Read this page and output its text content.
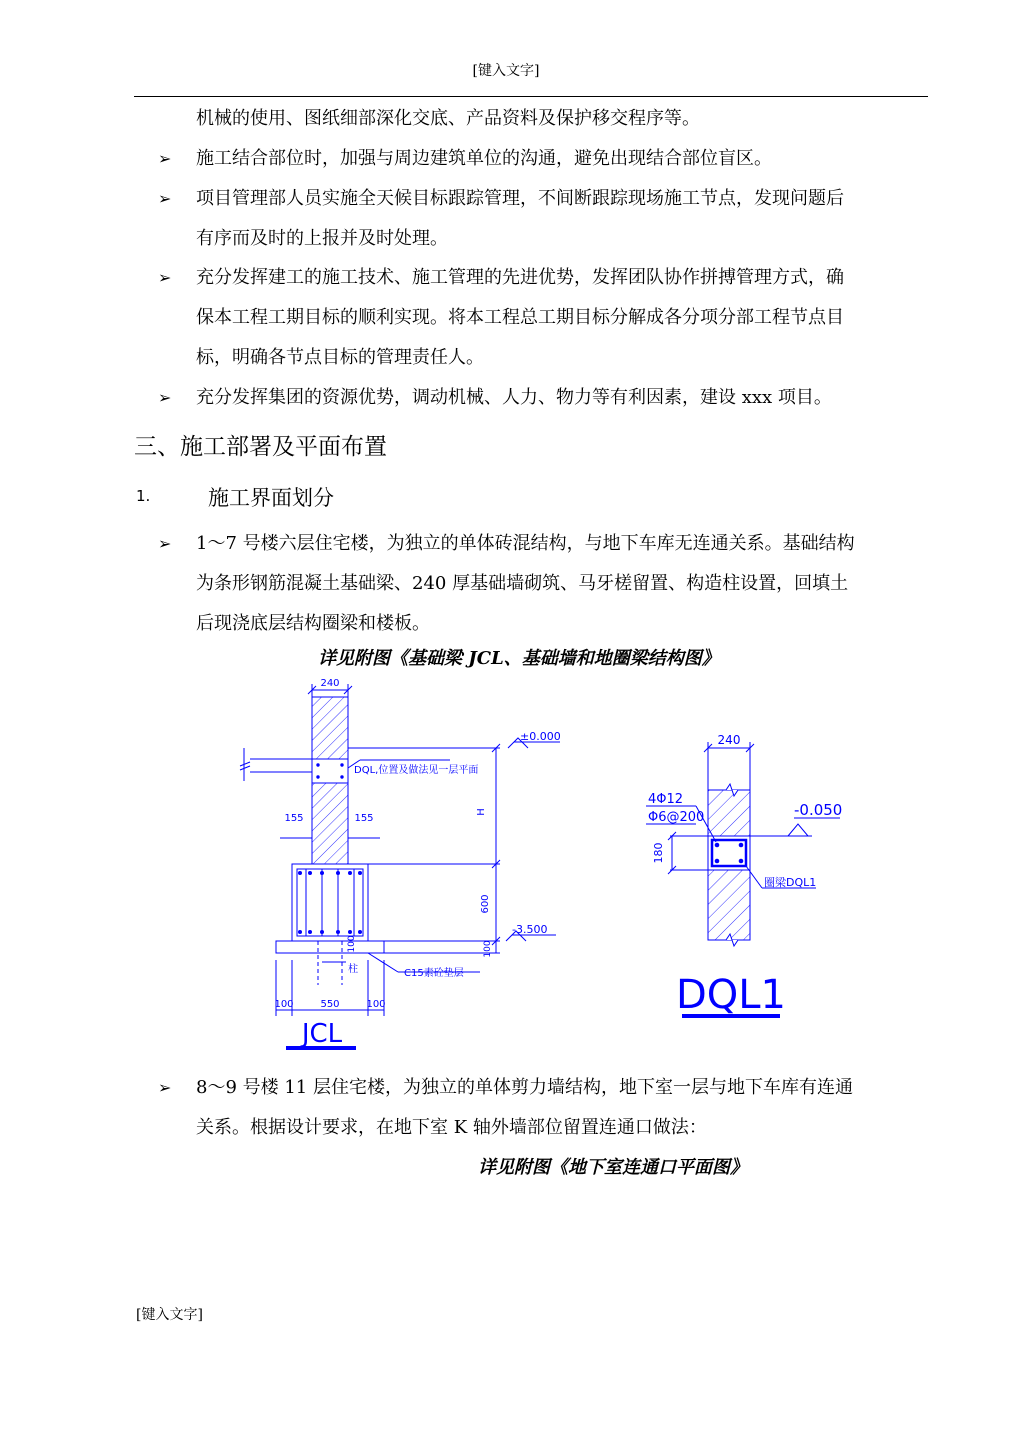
[键入文字]
机械的使用、图纸细部深化交底、产品资料及保护移交程序等。
➢ 施工结合部位时，加强与周边建筑单位的沟通，避免出现结合部位盲区。
➢ 项目管理部人员实施全天候目标跟踪管理，不间断跟踪现场施工节点，发现问题后
有序而及时的上报并及时处理。
➢ 充分发挥建工的施工技术、施工管理的先进优势，发挥团队协作拼搏管理方式，确
保本工程工期目标的顺利实现。将本工程总工期目标分解成各分项分部工程节点目
标，明确各节点目标的管理责任人。
➢ 充分发挥集团的资源优势，调动机械、人力、物力等有利因素，建设 xxx 项目。
三、施工部署及平面布置
1.	施工界面划分
➢ 1～7 号楼六层住宅楼，为独立的单体砖混结构，与地下车库无连通关系。基础结构
为条形钢筋混凝土基础梁、240 厚基础墙砌筑、马牙槎留置、构造柱设置，回填土
后现浇底层结构圈梁和楼板。
详见附图《基础梁 JCL、基础墙和地圈梁结构图》
240
±0.000
DQL,位置及做法见一层平面
H
155	155
600
-3.500
100	100
C15素砼垫层
柱
100	550	100
JCL
240
4Φ12
Φ6@200	-0.050
180
圈梁DQL1
DQL1
➢ 8～9 号楼 11 层住宅楼，为独立的单体剪力墙结构，地下室一层与地下车库有连通
关系。根据设计要求，在地下室 K 轴外墙部位留置连通口做法：
详见附图《地下室连通口平面图》
[键入文字]
